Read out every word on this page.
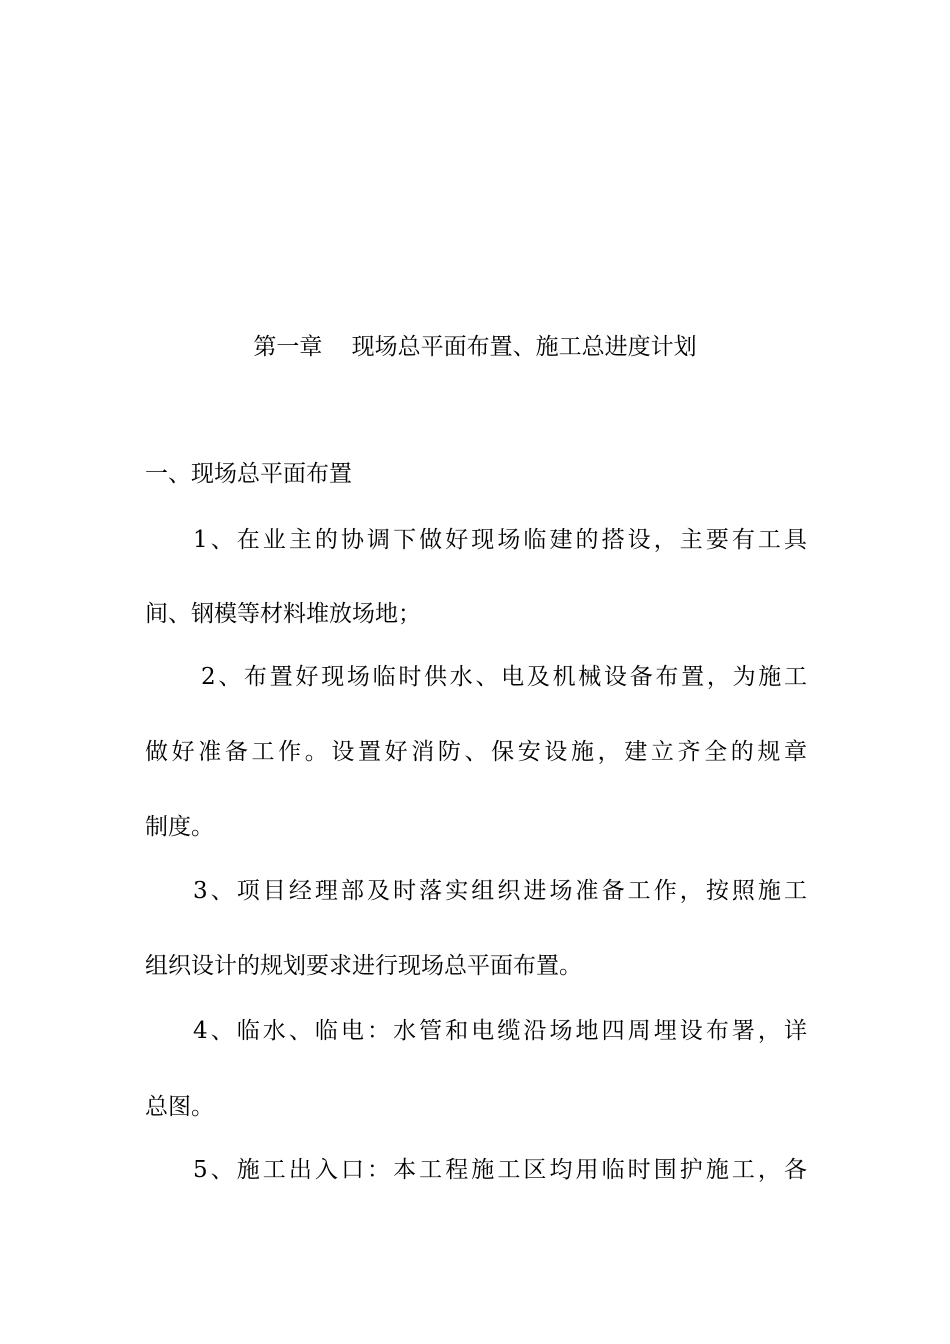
第一章    现场总平面布置、施工总进度计划
一、现场总平面布置
1、在业主的协调下做好现场临建的搭设，主要有工具
间、钢模等材料堆放场地；
2、布置好现场临时供水、电及机械设备布置，为施工
做好准备工作。设置好消防、保安设施，建立齐全的规章
制度。
3、项目经理部及时落实组织进场准备工作，按照施工
组织设计的规划要求进行现场总平面布置。
4、临水、临电：水管和电缆沿场地四周埋设布署，详
总图。
5、施工出入口：本工程施工区均用临时围护施工，各
